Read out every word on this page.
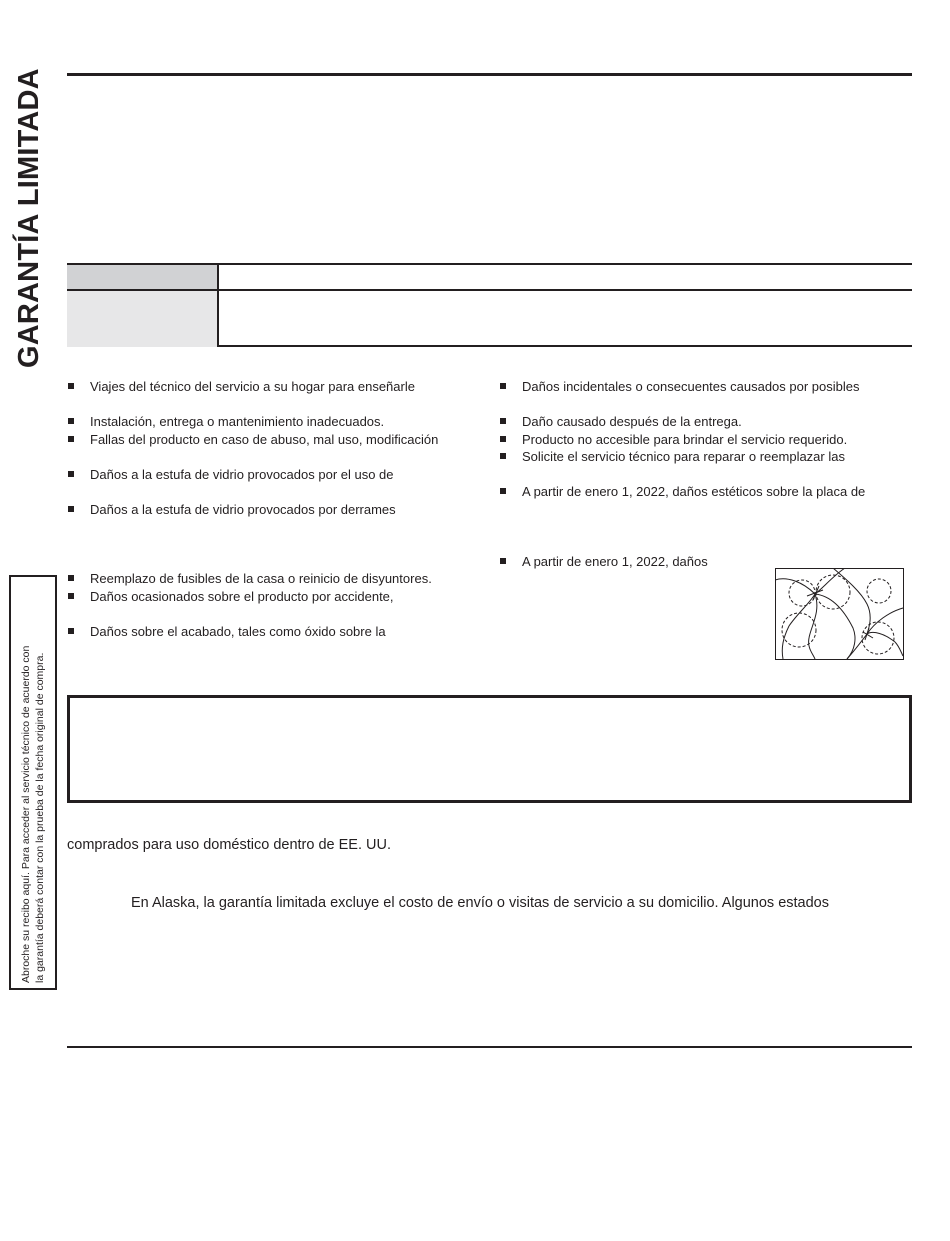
GARANTÍA LIMITADA
Viajes del técnico del servicio a su hogar para enseñarle
Instalación, entrega o mantenimiento inadecuados.
Fallas del producto en caso de abuso, mal uso, modificación
Daños a la estufa de vidrio provocados por el uso de
Daños a la estufa de vidrio provocados por derrames
Reemplazo de fusibles de la casa o reinicio de disyuntores.
Daños ocasionados sobre el producto por accidente,
Daños sobre el acabado, tales como óxido sobre la
Daños incidentales o consecuentes causados por posibles
Daño causado después de la entrega.
Producto no accesible para brindar el servicio requerido.
Solicite el servicio técnico para reparar o reemplazar las
A partir de enero 1, 2022, daños estéticos sobre la placa de
A partir de enero 1, 2022, daños
Abroche su recibo aquí. Para acceder al servicio técnico de acuerdo con la garantía deberá contar con la prueba de la fecha original de compra. comprados para uso doméstico dentro de EE. UU.
En Alaska, la garantía limitada excluye el costo de envío o visitas de servicio a su domicilio. Algunos estados
